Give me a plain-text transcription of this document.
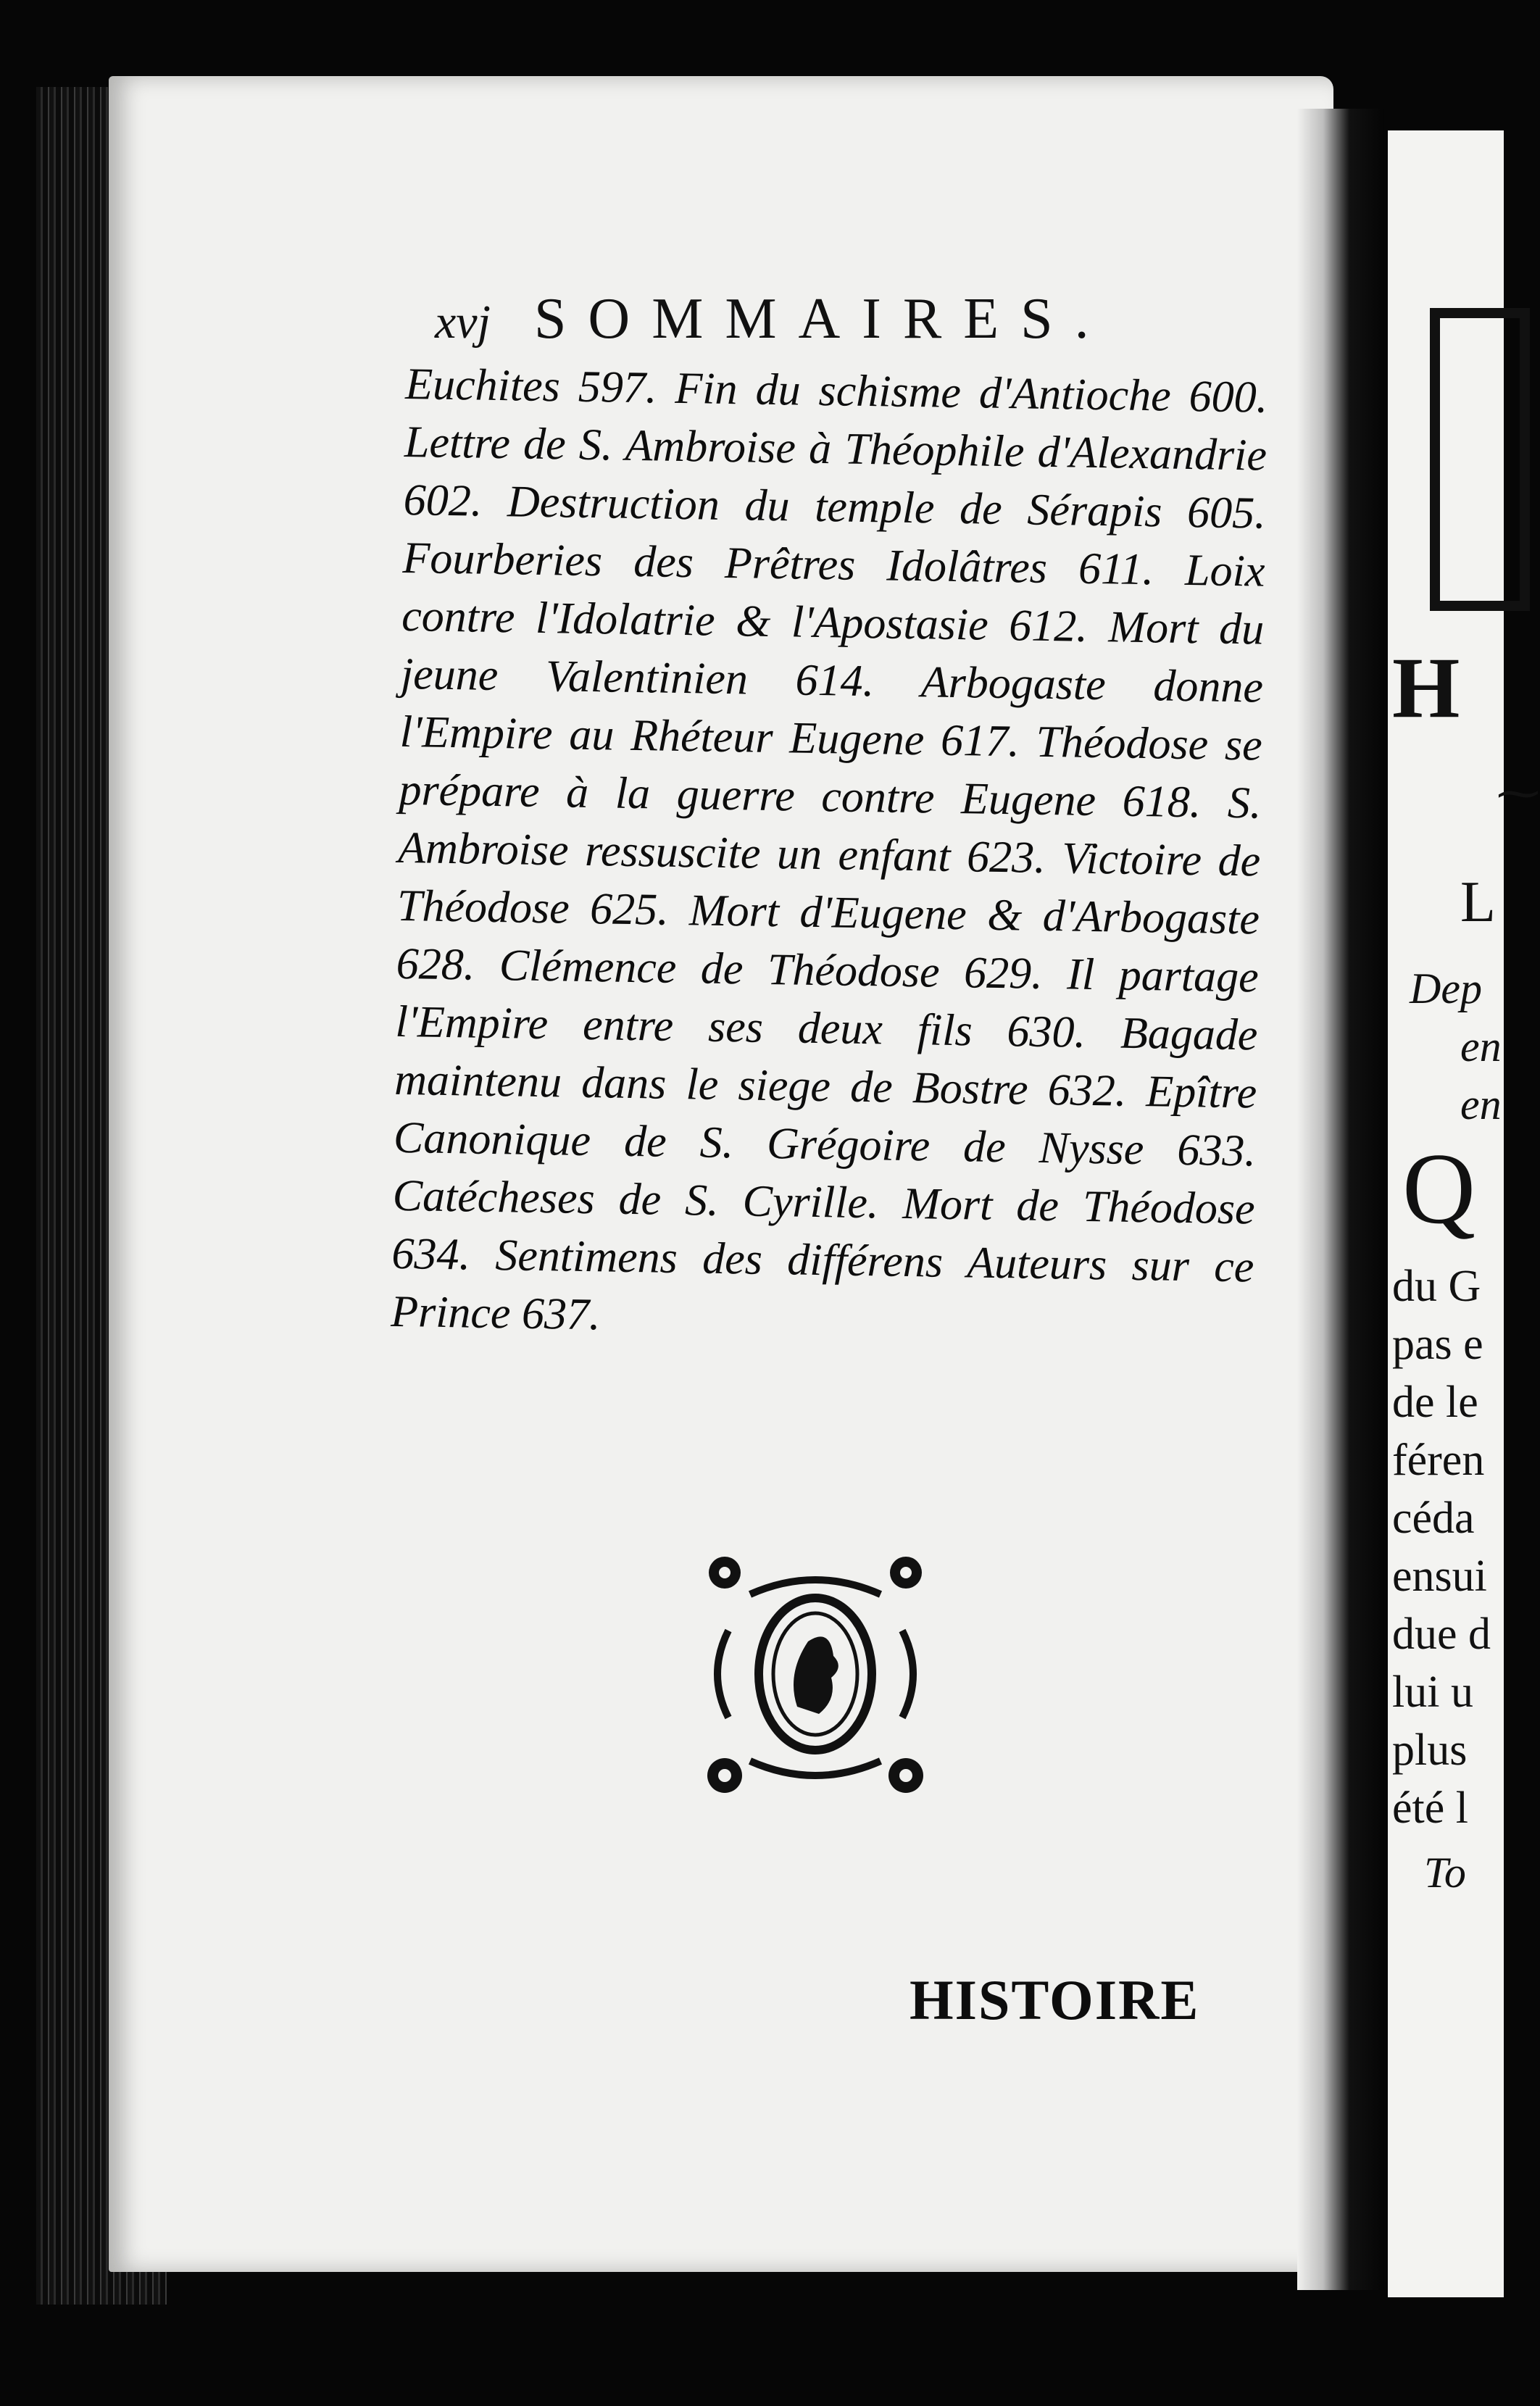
xvj SOMMAIRES.
Euchites 597. Fin du schisme d'Antioche 600. Lettre de S. Ambroise à Théophile d'Alexandrie 602. Destruction du temple de Sérapis 605. Fourberies des Prêtres Idolâtres 611. Loix contre l'Idolatrie & l'Apostasie 612. Mort du jeune Valentinien 614. Arbogaste donne l'Empire au Rhéteur Eugene 617. Théodose se prépare à la guerre contre Eugene 618. S. Ambroise ressuscite un enfant 623. Victoire de Théodose 625. Mort d'Eugene & d'Arbogaste 628. Clémence de Théodose 629. Il partage l'Empire entre ses deux fils 630. Bagade maintenu dans le siege de Bostre 632. Epître Canonique de S. Grégoire de Nysse 633. Catécheses de S. Cyrille. Mort de Théodose 634. Sentimens des différens Auteurs sur ce Prince 637.
HISTOIRE
H
⁓
L
Dep
en
en
Q
du G
pas e
de le
féren
céda
ensui
due d
lui u
plus
été l
To
